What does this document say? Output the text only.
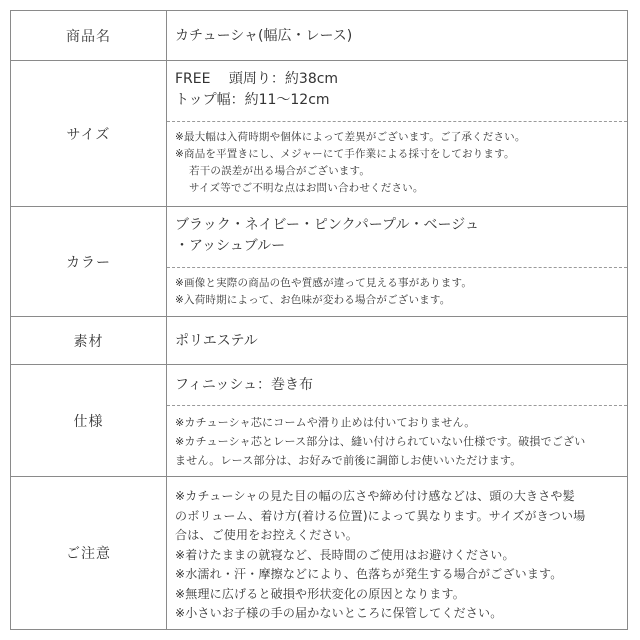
商品名	カチューシャ(幅広・レース)
サイズ
FREE　 頭周り：約38cm
トップ幅：約11〜12cm
※最大幅は入荷時期や個体によって差異がございます。ご了承ください。
※商品を平置きにし、メジャーにて手作業による採寸をしております。
若干の誤差が出る場合がございます。
サイズ等でご不明な点はお問い合わせください。
カラー
ブラック・ネイビー・ピンクパープル・ベージュ
・アッシュブルー
※画像と実際の商品の色や質感が違って見える事があります。
※入荷時期によって、お色味が変わる場合がございます。
素材	ポリエステル
仕様
フィニッシュ：巻き布
※カチューシャ芯にコームや滑り止めは付いておりません。
※カチューシャ芯とレース部分は、縫い付けられていない仕様です。破損でござい
ません。レース部分は、お好みで前後に調節しお使いいただけます。
ご注意
※カチューシャの見た目の幅の広さや締め付け感などは、頭の大きさや髪
のボリューム、着け方(着ける位置)によって異なります。サイズがきつい場
合は、ご使用をお控えください。
※着けたままの就寝など、長時間のご使用はお避けください。
※水濡れ・汗・摩擦などにより、色落ちが発生する場合がございます。
※無理に広げると破損や形状変化の原因となります。
※小さいお子様の手の届かないところに保管してください。
